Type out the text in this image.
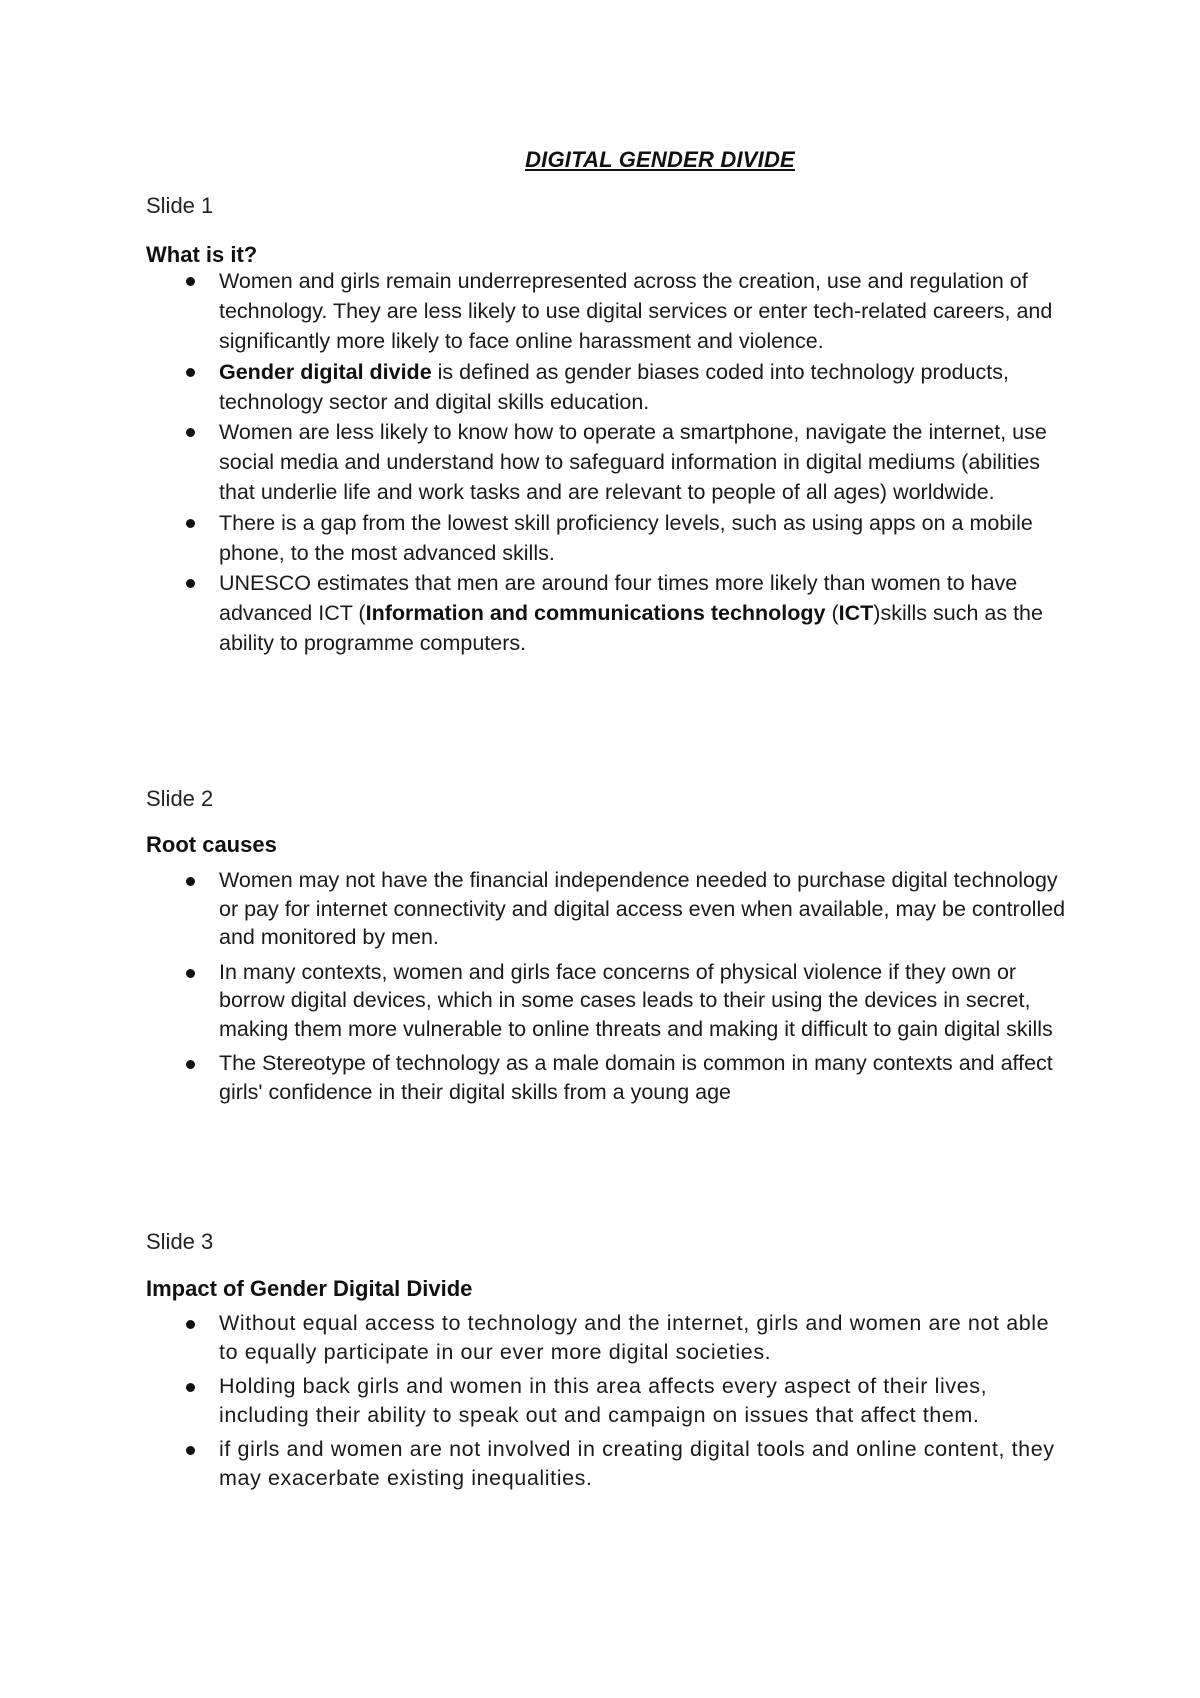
DIGITAL GENDER DIVIDE
Slide 1
What is it?
Women and girls remain underrepresented across the creation, use and regulation of technology. They are less likely to use digital services or enter tech-related careers, and significantly more likely to face online harassment and violence.
Gender digital divide is defined as gender biases coded into technology products, technology sector and digital skills education.
Women are less likely to know how to operate a smartphone, navigate the internet, use social media and understand how to safeguard information in digital mediums (abilities that underlie life and work tasks and are relevant to people of all ages) worldwide.
There is a gap from the lowest skill proficiency levels, such as using apps on a mobile phone, to the most advanced skills.
UNESCO estimates that men are around four times more likely than women to have advanced ICT (Information and communications technology (ICT)skills such as the ability to programme computers.
Slide 2
Root causes
Women may not have the financial independence needed to purchase digital technology or pay for internet connectivity and digital access even when available, may be controlled and monitored by men.
In many contexts, women and girls face concerns of physical violence if they own or borrow digital devices, which in some cases leads to their using the devices in secret, making them more vulnerable to online threats and making it difficult to gain digital skills
The Stereotype of technology as a male domain is common in many contexts and affect girls' confidence in their digital skills from a young age
Slide 3
Impact of Gender Digital Divide
Without equal access to technology and the internet, girls and women are not able to equally participate in our ever more digital societies.
Holding back girls and women in this area affects every aspect of their lives, including their ability to speak out and campaign on issues that affect them.
if girls and women are not involved in creating digital tools and online content, they may exacerbate existing inequalities.
